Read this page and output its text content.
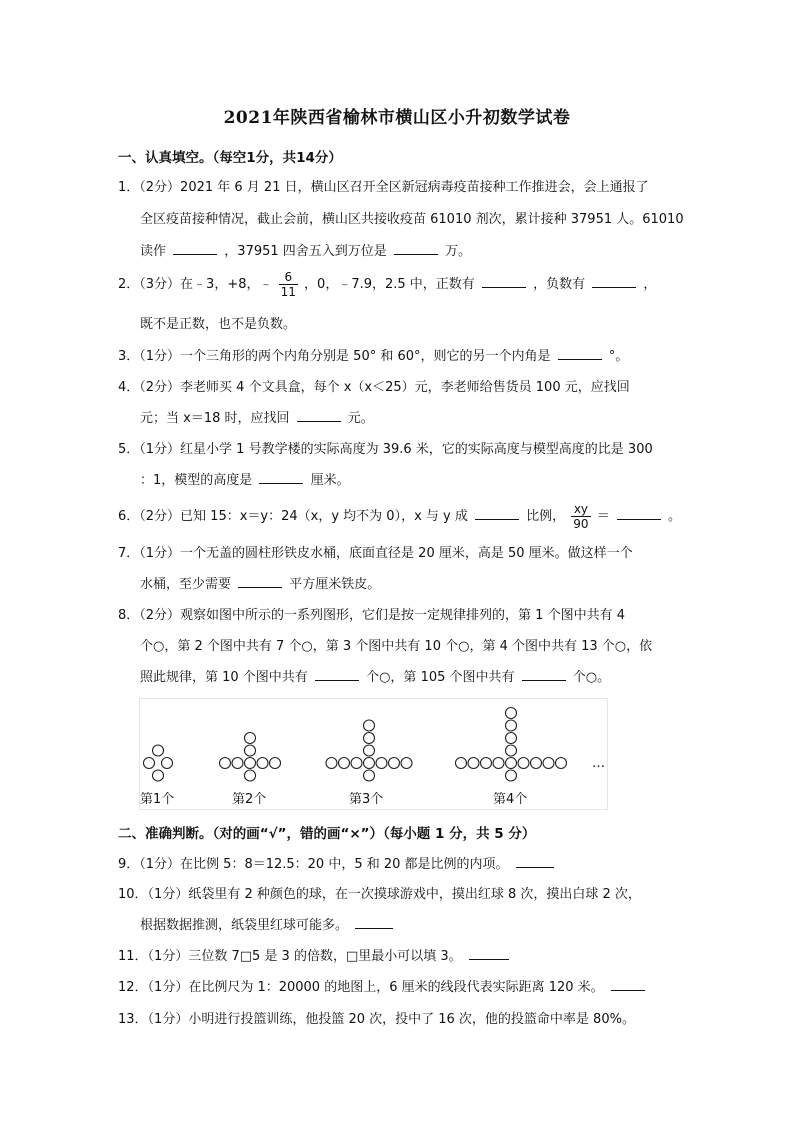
2021年陕西省榆林市横山区小升初数学试卷
一、认真填空。（每空1分，共14分）
1．（2分）2021 年 6 月 21 日，横山区召开全区新冠病毒疫苗接种工作推进会，会上通报了
全区疫苗接种情况，截止会前，横山区共接收疫苗 61010 剂次，累计接种 37951 人。61010
读作	，37951 四舍五入到万位是	万。
2．（3分）在﹣3，+8，﹣ $\frac{6}{11}$ ，0，﹣7.9，2.5 中，正数有	，负数有	，
既不是正数，也不是负数。
3．（1分）一个三角形的两个内角分别是 50° 和 60°，则它的另一个内角是	°。
4．（2分）李老师买 4 个文具盒，每个 x（x＜25）元，李老师给售货员 100 元，应找回
元；当 x＝18 时，应找回	元。
5．（1分）红星小学 1 号教学楼的实际高度为 39.6 米，它的实际高度与模型高度的比是 300
：1，模型的高度是	厘米。
6．（2分）已知 15：x＝y：24（x，y 均不为 0），x 与 y 成	比例， $\frac{xy}{90}$ ＝	。
7．（1分）一个无盖的圆柱形铁皮水桶，底面直径是 20 厘米，高是 50 厘米。做这样一个
水桶，至少需要	平方厘米铁皮。
8．（2分）观察如图中所示的一系列图形，它们是按一定规律排列的，第 1 个图中共有 4
个○，第 2 个图中共有 7 个○，第 3 个图中共有 10 个○，第 4 个图中共有 13 个○，依
照此规律，第 10 个图中共有	个○，第 105 个图中共有	个○。
第1个	第2个	第3个	第4个
…
二、准确判断。（对的画“√”，错的画“×”）（每小题 1 分，共 5 分）
9．（1分）在比例 5：8＝12.5：20 中，5 和 20 都是比例的内项。
10．（1分）纸袋里有 2 种颜色的球，在一次摸球游戏中，摸出红球 8 次，摸出白球 2 次，
根据数据推测，纸袋里红球可能多。
11．（1分）三位数 7□5 是 3 的倍数，□里最小可以填 3。
12．（1分）在比例尺为 1：20000 的地图上，6 厘米的线段代表实际距离 120 米。
13．（1分）小明进行投篮训练，他投篮 20 次，投中了 16 次，他的投篮命中率是 80%。
